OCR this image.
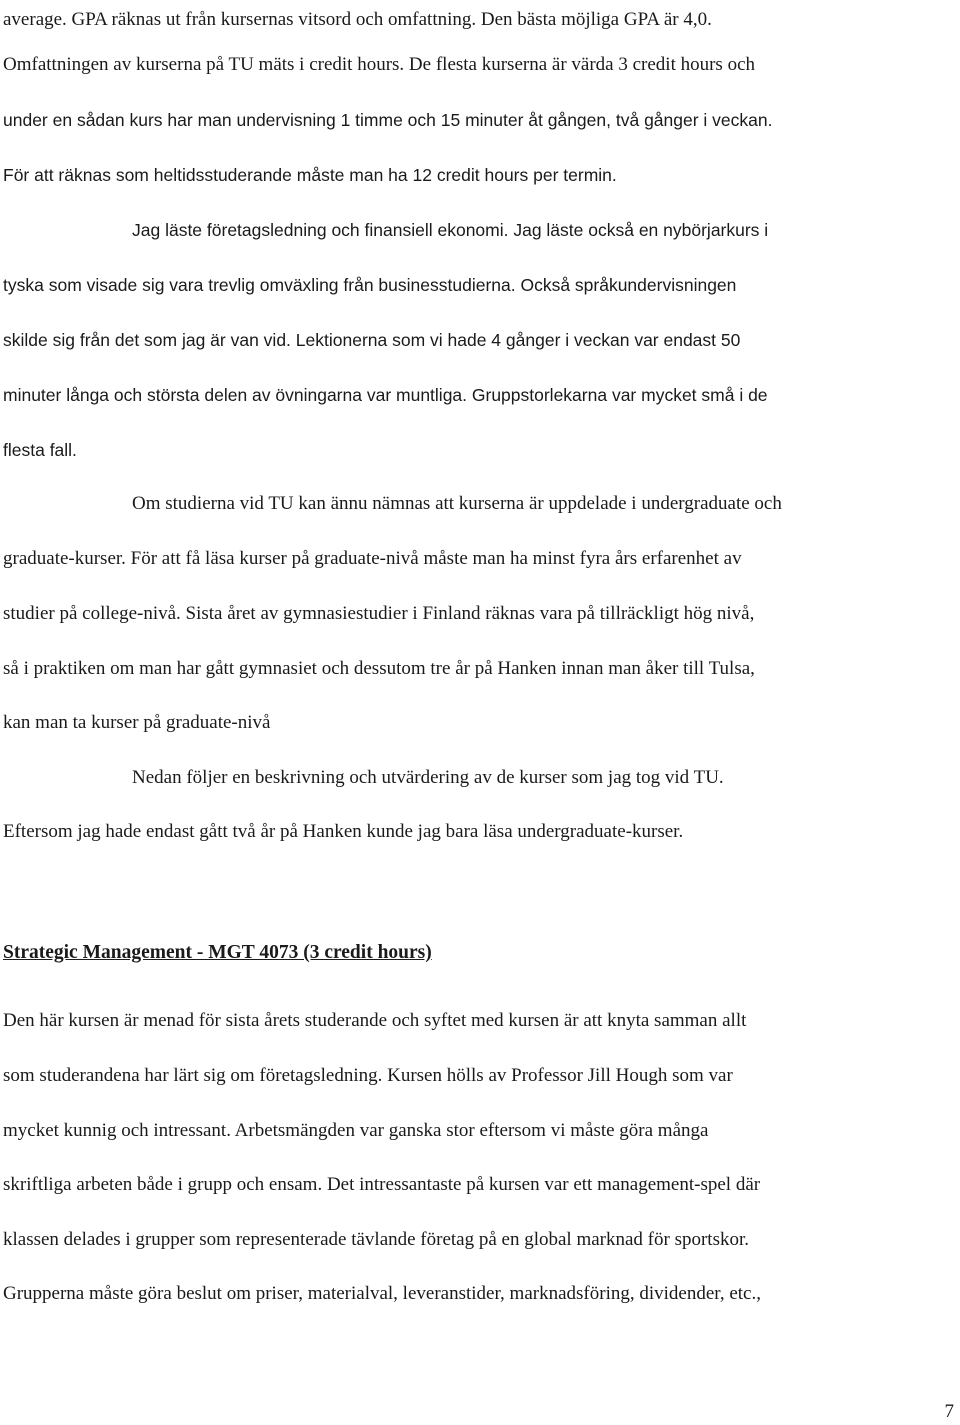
average. GPA räknas ut från kursernas vitsord och omfattning. Den bästa möjliga GPA är 4,0.
Omfattningen av kurserna på TU mäts i credit hours. De flesta kurserna är värda 3 credit hours och
under en sådan kurs har man undervisning 1 timme och 15 minuter åt gången, två gånger i veckan.
För att räknas som heltidsstuderande måste man ha 12 credit hours per termin.
Jag läste företagsledning och finansiell ekonomi. Jag läste också en nybörjarkurs i
tyska som visade sig vara trevlig omväxling från businesstudierna. Också språkundervisningen
skilde sig från det som jag är van vid. Lektionerna som vi hade 4 gånger i veckan var endast 50
minuter långa och största delen av övningarna var muntliga. Gruppstorlekarna var mycket små i de
flesta fall.
Om studierna vid TU kan ännu nämnas att kurserna är uppdelade i undergraduate och
graduate-kurser. För att få läsa kurser på graduate-nivå måste man ha minst fyra års erfarenhet av
studier på college-nivå. Sista året av gymnasiestudier i Finland räknas vara på tillräckligt hög nivå,
så i praktiken om man har gått gymnasiet och dessutom tre år på Hanken innan man åker till Tulsa,
kan man ta kurser på graduate-nivå
Nedan följer en beskrivning och utvärdering av de kurser som jag tog vid TU.
Eftersom jag hade endast gått två år på Hanken kunde jag bara läsa undergraduate-kurser.
Strategic Management - MGT 4073 (3 credit hours)
Den här kursen är menad för sista årets studerande och syftet med kursen är att knyta samman allt
som studerandena har lärt sig om företagsledning. Kursen hölls av Professor Jill Hough som var
mycket kunnig och intressant. Arbetsmängden var ganska stor eftersom vi måste göra många
skriftliga arbeten både i grupp och ensam. Det intressantaste på kursen var ett management-spel där
klassen delades i grupper som representerade tävlande företag på en global marknad för sportskor.
Grupperna måste göra beslut om priser, materialval, leveranstider, marknadsföring, dividender, etc.,
7
